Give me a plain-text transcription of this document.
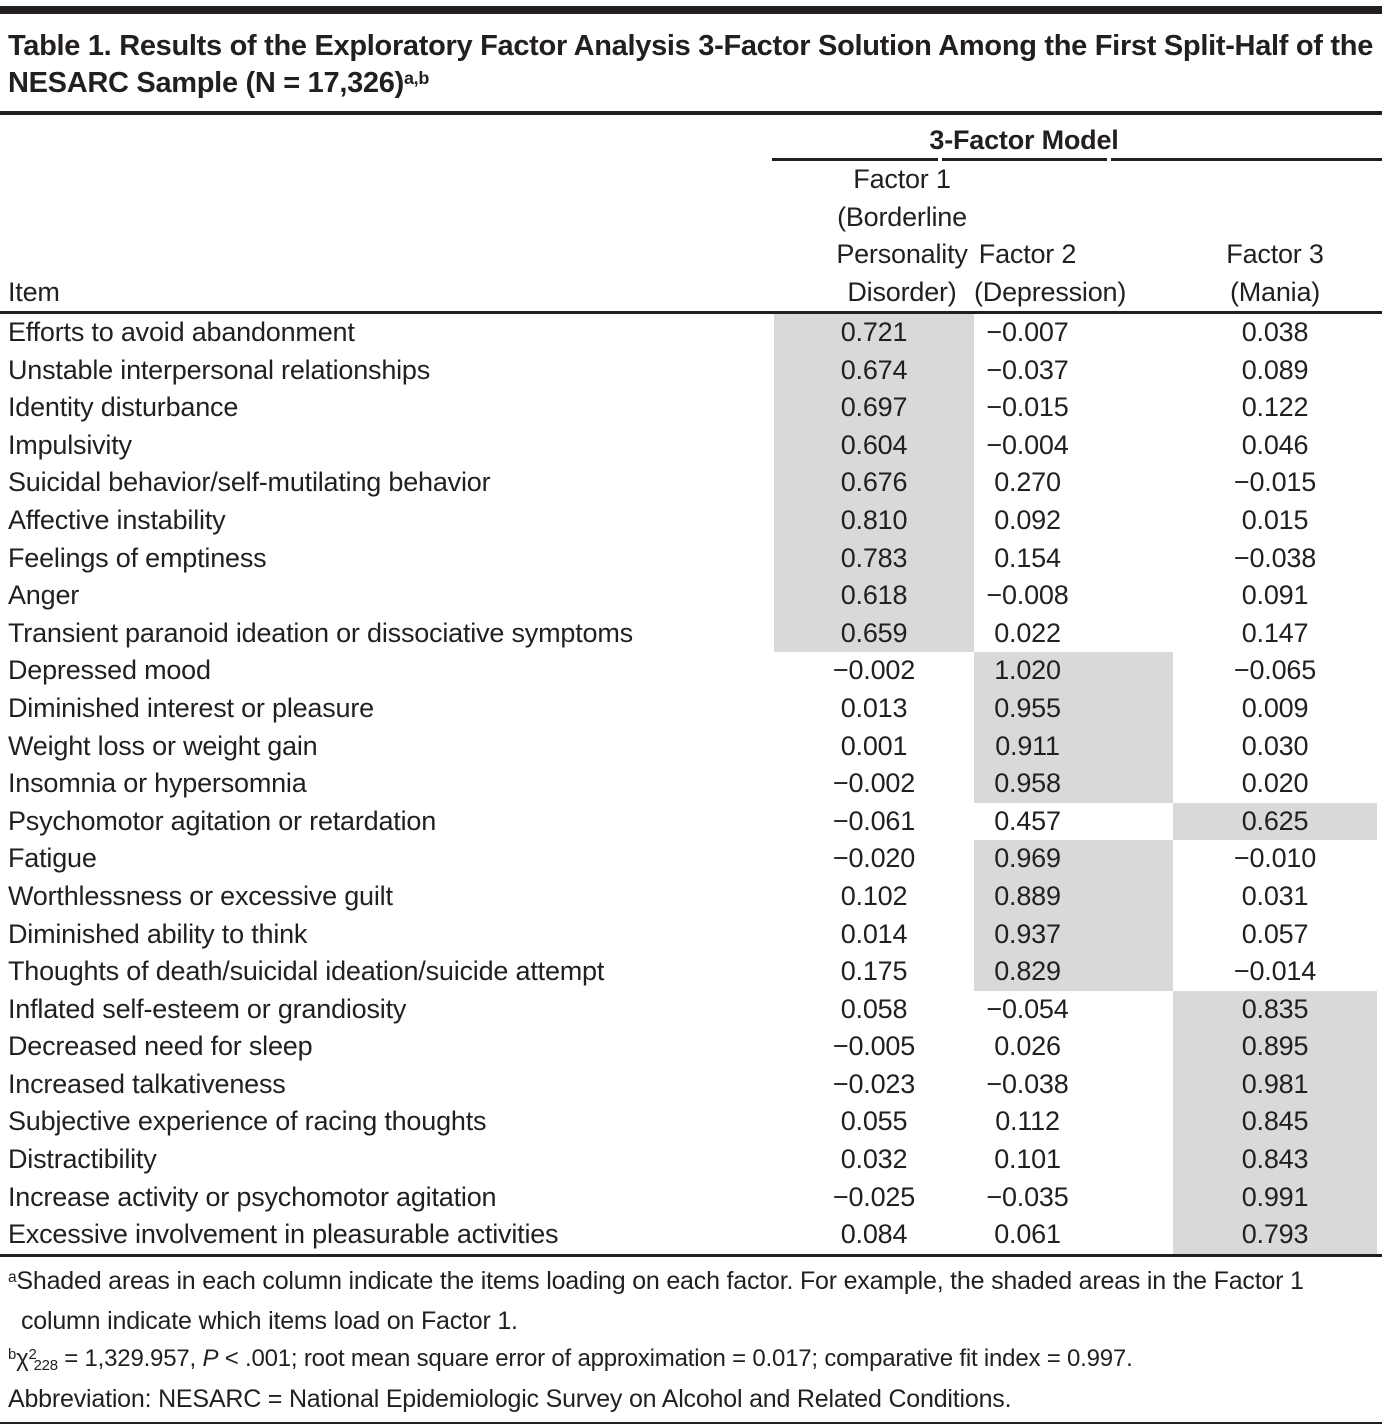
Table 1. Results of the Exploratory Factor Analysis 3-Factor Solution Among the First Split-Half of the NESARC Sample (N = 17,326)$^{a,b}$
3-Factor Model
Item
Factor 1
(Borderline
Personality
Disorder)
Factor 2
(Depression)
Factor 3
(Mania)
Efforts to avoid abandonment	0.721	−0.007	0.038
Unstable interpersonal relationships	0.674	−0.037	0.089
Identity disturbance	0.697	−0.015	0.122
Impulsivity	0.604	−0.004	0.046
Suicidal behavior/self-mutilating behavior	0.676	0.270	−0.015
Affective instability	0.810	0.092	0.015
Feelings of emptiness	0.783	0.154	−0.038
Anger	0.618	−0.008	0.091
Transient paranoid ideation or dissociative symptoms	0.659	0.022	0.147
Depressed mood	−0.002	1.020	−0.065
Diminished interest or pleasure	0.013	0.955	0.009
Weight loss or weight gain	0.001	0.911	0.030
Insomnia or hypersomnia	−0.002	0.958	0.020
Psychomotor agitation or retardation	−0.061	0.457	0.625
Fatigue	−0.020	0.969	−0.010
Worthlessness or excessive guilt	0.102	0.889	0.031
Diminished ability to think	0.014	0.937	0.057
Thoughts of death/suicidal ideation/suicide attempt	0.175	0.829	−0.014
Inflated self-esteem or grandiosity	0.058	−0.054	0.835
Decreased need for sleep	−0.005	0.026	0.895
Increased talkativeness	−0.023	−0.038	0.981
Subjective experience of racing thoughts	0.055	0.112	0.845
Distractibility	0.032	0.101	0.843
Increase activity or psychomotor agitation	−0.025	−0.035	0.991
Excessive involvement in pleasurable activities	0.084	0.061	0.793

$^a$Shaded areas in each column indicate the items loading on each factor. For example, the shaded areas in the Factor 1 column indicate which items load on Factor 1.

$^b\chi^2_{228} = 1,329.957$, P < .001; root mean square error of approximation = 0.017; comparative fit index = 0.997.

Abbreviation: NESARC = National Epidemiologic Survey on Alcohol and Related Conditions.
